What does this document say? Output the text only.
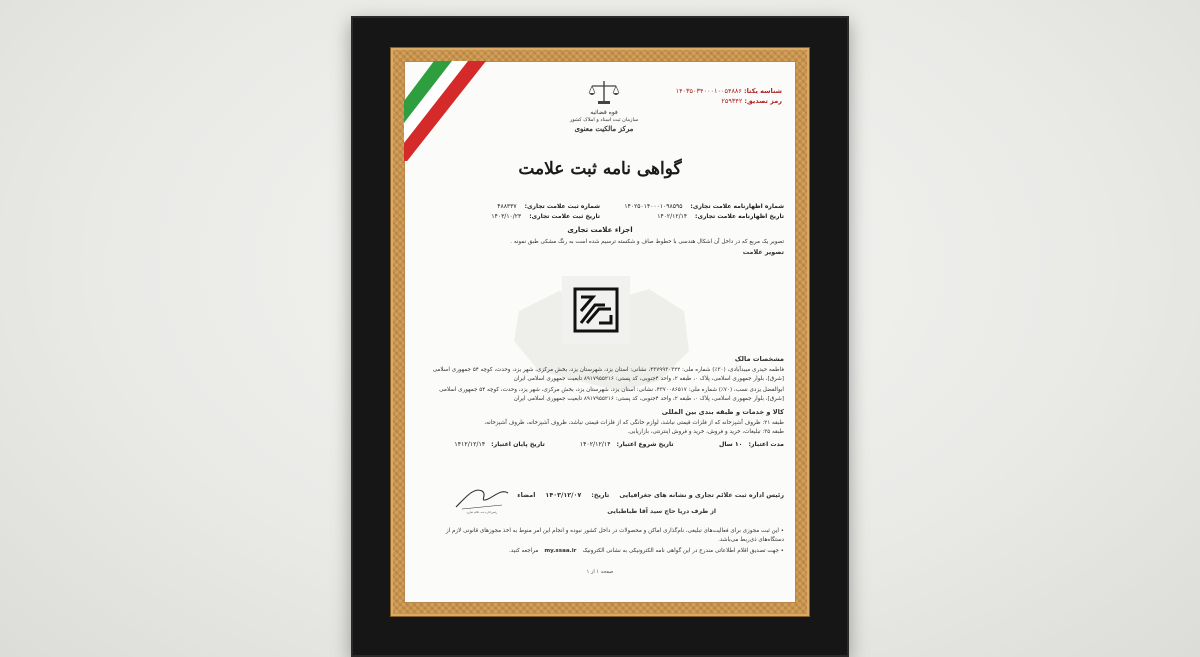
قوه قضائیه
سازمان ثبت اسناد و املاک کشور
مرکز مالکیت معنوی
شناسه یکتا: ۱۴۰۳۵۰۳۴۰۰۰۱۰۰۵۴۸۸۶
رمز تصدیق: ۲۵۹۳۴۲
گواهی نامه ثبت علامت
شماره اظهارنامه علامت تجاری:
۱۴۰۲۵۰۱۴۰۰۰۱۰۹۸۵۹۵
شماره ثبت علامت تجاری:
۴۸۸۳۳۷
تاریخ اظهارنامه علامت تجاری:
۱۴۰۲/۱۲/۱۴
تاریخ ثبت علامت تجاری:
۱۴۰۳/۱۰/۲۳
اجزاء علامت تجاری
تصویر یک مربع که در داخل آن اشکال هندسی با خطوط صاف و شکسته ترسیم شده است به رنگ مشکی طبق نمونه .
تصویر علامت
مشخصات مالک
فاطمه حیدری میبدآبادی، (۳۰٪) شماره ملی: ۴۳۷۹۹۳۰۳۲۲، نشانی: استان یزد، شهرستان یزد، بخش مرکزی، شهر یزد، وحدت، کوچه ۵۴ جمهوری اسلامی
[شرق]، بلوار جمهوری اسلامی، پلاک ۰، طبقه ۲، واحد ۴جنوبی، کد پستی: ۸۹۱۷۹۵۵۲۱۶ تابعیت جمهوری اسلامی ایران
ابوالفضل یزدی نسب، (۷۰٪) شماره ملی: ۴۳۷۰۰۸۶۵۱۷، نشانی: استان یزد، شهرستان یزد، بخش مرکزی، شهر یزد، وحدت، کوچه ۵۴ جمهوری اسلامی
[شرق]، بلوار جمهوری اسلامی، پلاک ۰، طبقه ۲، واحد ۴جنوبی، کد پستی: ۸۹۱۷۹۵۵۲۱۶ تابعیت جمهوری اسلامی ایران
کالا و خدمات و طبقه بندی بین المللی
طبقه ۲۱: ظروف آشپزخانه که از فلزات قیمتی نباشد، لوازم خانگی که از فلزات قیمتی نباشد، ظروف آشپزخانه، ظروف آشپزخانه،
طبقه ۳۵: تبلیغات، خرید و فروش، خرید و فروش اینترنتی، بازاریابی.
مدت اعتبار:
۱۰ سال
تاریخ شروع اعتبار:
۱۴۰۲/۱۲/۱۴
تاریخ پایان اعتبار:
۱۴۱۲/۱۲/۱۴
رئیس اداره ثبت علائم تجاری و نشانه های جغرافیایی
تاریخ:
۱۴۰۳/۱۲/۰۷
امضاء
از طرف دریا حاج سید آقا طباطبایی
رئیس اداره ثبت علائم تجاری
• این ثبت مجوزی برای فعالیت‌های تبلیغی، نام‌گذاری اماکن و محصولات در داخل کشور نبوده و انجام این امر منوط به اخذ مجوزهای قانونی لازم از
دستگاه‌های ذی‌ربط می‌باشد.
• جهت تصدیق اقلام اطلاعاتی مندرج در این گواهی نامه الکترونیکی به نشانی الکترونیک
my.ssaa.ir
مراجعه کنید.
صفحه ۱ از ۱
